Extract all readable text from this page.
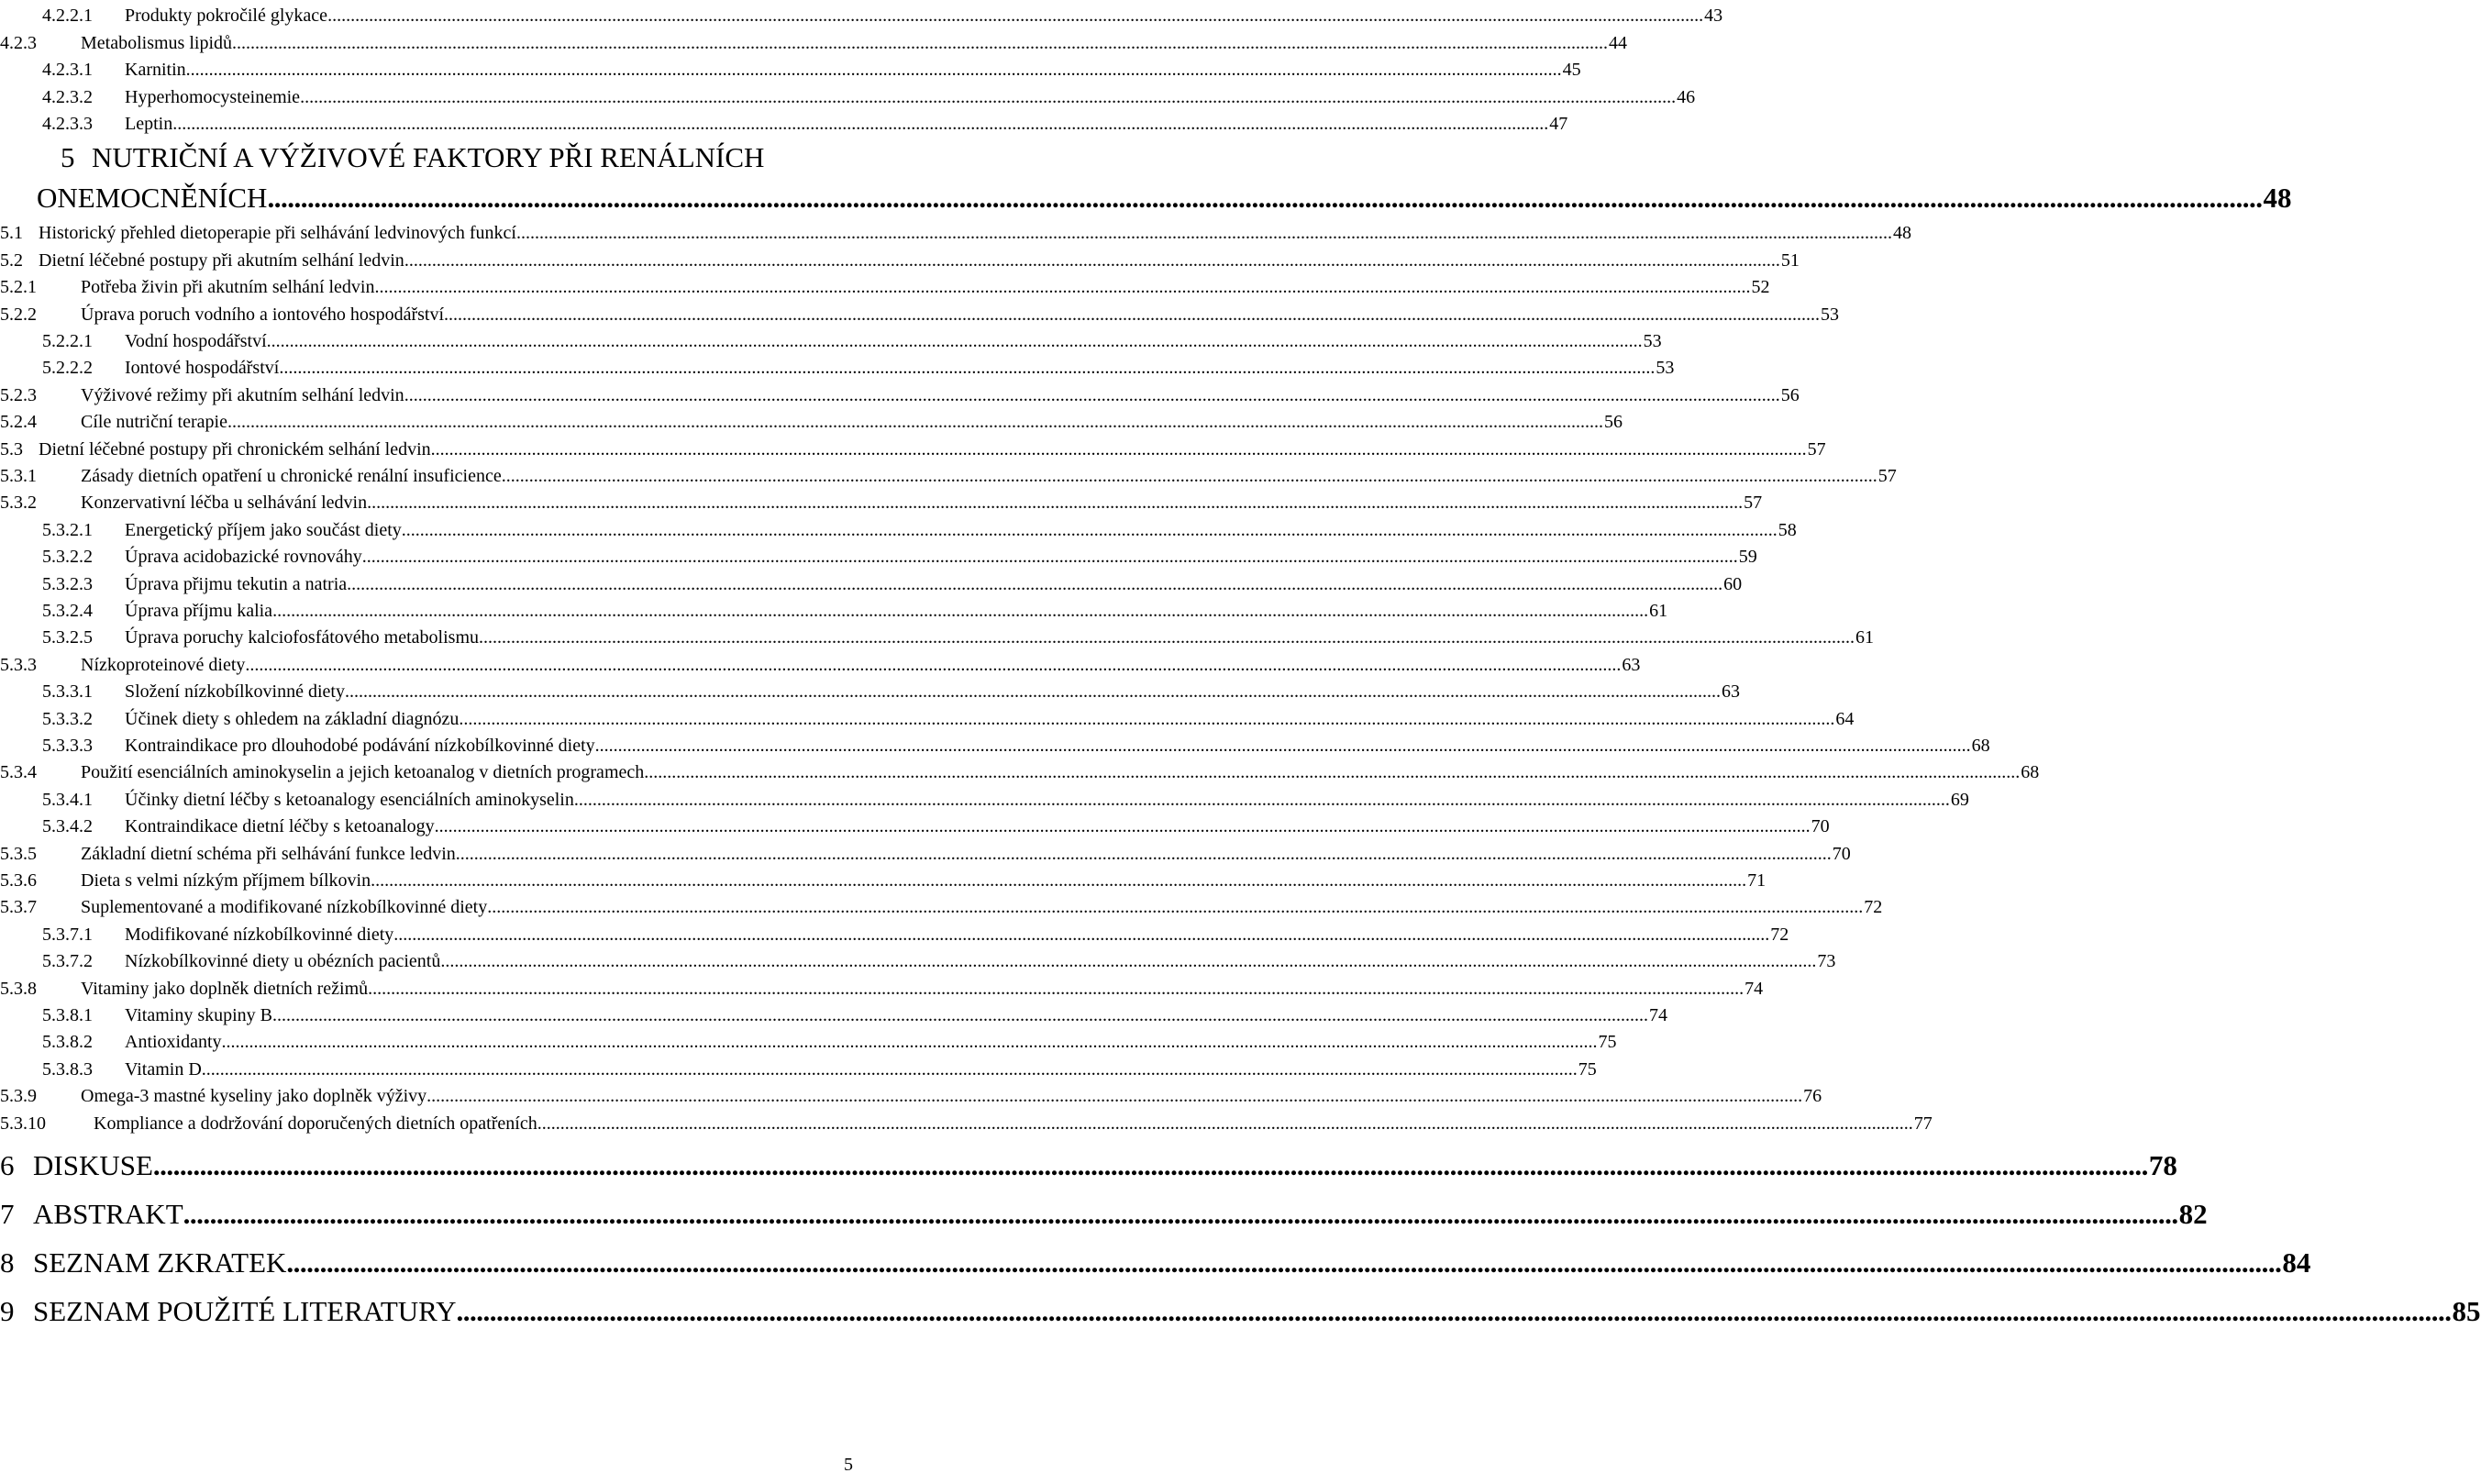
4.2.2.1	Produkty pokročilé glykace ............................................................................................................................................................................................................................................................................................................ 43
4.2.3	Metabolismus lipidů ............................................................................................................................................................................................................................................................................................................ 44
4.2.3.1	Karnitin ............................................................................................................................................................................................................................................................................................................ 45
4.2.3.2	Hyperhomocysteinemie ............................................................................................................................................................................................................................................................................................................ 46
4.2.3.3	Leptin ............................................................................................................................................................................................................................................................................................................ 47
5 NUTRIČNÍ A VÝŽIVOVÉ FAKTORY PŘI RENÁLNÍCH
ONEMOCNĚNÍCH ............................................................................................................................................................................................................................................................................................................ 48
5.1 Historický přehled dietoperapie při selhávání ledvinových funkcí ............................................................................................................................................................................................................................................................................................................ 48
5.2 Dietní léčebné postupy při akutním selhání ledvin ............................................................................................................................................................................................................................................................................................................ 51
5.2.1	Potřeba živin při akutním selhání ledvin ............................................................................................................................................................................................................................................................................................................ 52
5.2.2	Úprava poruch vodního a iontového hospodářství ............................................................................................................................................................................................................................................................................................................ 53
5.2.2.1	Vodní hospodářství ............................................................................................................................................................................................................................................................................................................ 53
5.2.2.2	Iontové hospodářství ............................................................................................................................................................................................................................................................................................................ 53
5.2.3	Výživové režimy při akutním selhání ledvin ............................................................................................................................................................................................................................................................................................................ 56
5.2.4	Cíle nutriční terapie ............................................................................................................................................................................................................................................................................................................ 56
5.3 Dietní léčebné postupy při chronickém selhání ledvin ............................................................................................................................................................................................................................................................................................................ 57
5.3.1	Zásady dietních opatření u chronické renální insuficience ............................................................................................................................................................................................................................................................................................................ 57
5.3.2	Konzervativní léčba u selhávání ledvin ............................................................................................................................................................................................................................................................................................................ 57
5.3.2.1	Energetický příjem jako součást diety ............................................................................................................................................................................................................................................................................................................ 58
5.3.2.2	Úprava acidobazické rovnováhy ............................................................................................................................................................................................................................................................................................................ 59
5.3.2.3	Úprava přijmu tekutin a natria ............................................................................................................................................................................................................................................................................................................ 60
5.3.2.4	Úprava příjmu kalia ............................................................................................................................................................................................................................................................................................................ 61
5.3.2.5	Úprava poruchy kalciofosfátového metabolismu ............................................................................................................................................................................................................................................................................................................ 61
5.3.3	Nízkoproteinové diety ............................................................................................................................................................................................................................................................................................................ 63
5.3.3.1	Složení nízkobílkovinné diety ............................................................................................................................................................................................................................................................................................................ 63
5.3.3.2	Účinek diety s ohledem na základní diagnózu ............................................................................................................................................................................................................................................................................................................ 64
5.3.3.3	Kontraindikace pro dlouhodobé podávání nízkobílkovinné diety ............................................................................................................................................................................................................................................................................................................ 68
5.3.4	Použití esenciálních aminokyselin a jejich ketoanalog v dietních programech ............................................................................................................................................................................................................................................................................................................ 68
5.3.4.1	Účinky dietní léčby s ketoanalogy esenciálních aminokyselin ............................................................................................................................................................................................................................................................................................................ 69
5.3.4.2	Kontraindikace dietní léčby s ketoanalogy ............................................................................................................................................................................................................................................................................................................ 70
5.3.5	Základní dietní schéma při selhávání funkce ledvin ............................................................................................................................................................................................................................................................................................................ 70
5.3.6	Dieta s velmi nízkým příjmem bílkovin ............................................................................................................................................................................................................................................................................................................ 71
5.3.7	Suplementované a modifikované nízkobílkovinné diety ............................................................................................................................................................................................................................................................................................................ 72
5.3.7.1	Modifikované nízkobílkovinné diety ............................................................................................................................................................................................................................................................................................................ 72
5.3.7.2	Nízkobílkovinné diety u obézních pacientů ............................................................................................................................................................................................................................................................................................................ 73
5.3.8	Vitaminy jako doplněk dietních režimů ............................................................................................................................................................................................................................................................................................................ 74
5.3.8.1	Vitaminy skupiny B ............................................................................................................................................................................................................................................................................................................ 74
5.3.8.2	Antioxidanty ............................................................................................................................................................................................................................................................................................................ 75
5.3.8.3	Vitamin D ............................................................................................................................................................................................................................................................................................................ 75
5.3.9	Omega-3 mastné kyseliny jako doplněk výživy ............................................................................................................................................................................................................................................................................................................ 76
5.3.10	Kompliance a dodržování doporučených dietních opatřeních ............................................................................................................................................................................................................................................................................................................ 77
6 DISKUSE ............................................................................................................................................................................................................................................................................................................ 78
7 ABSTRAKT ............................................................................................................................................................................................................................................................................................................ 82
8 SEZNAM ZKRATEK ............................................................................................................................................................................................................................................................................................................ 84
9 SEZNAM POUŽITÉ LITERATURY ............................................................................................................................................................................................................................................................................................................ 85
5
